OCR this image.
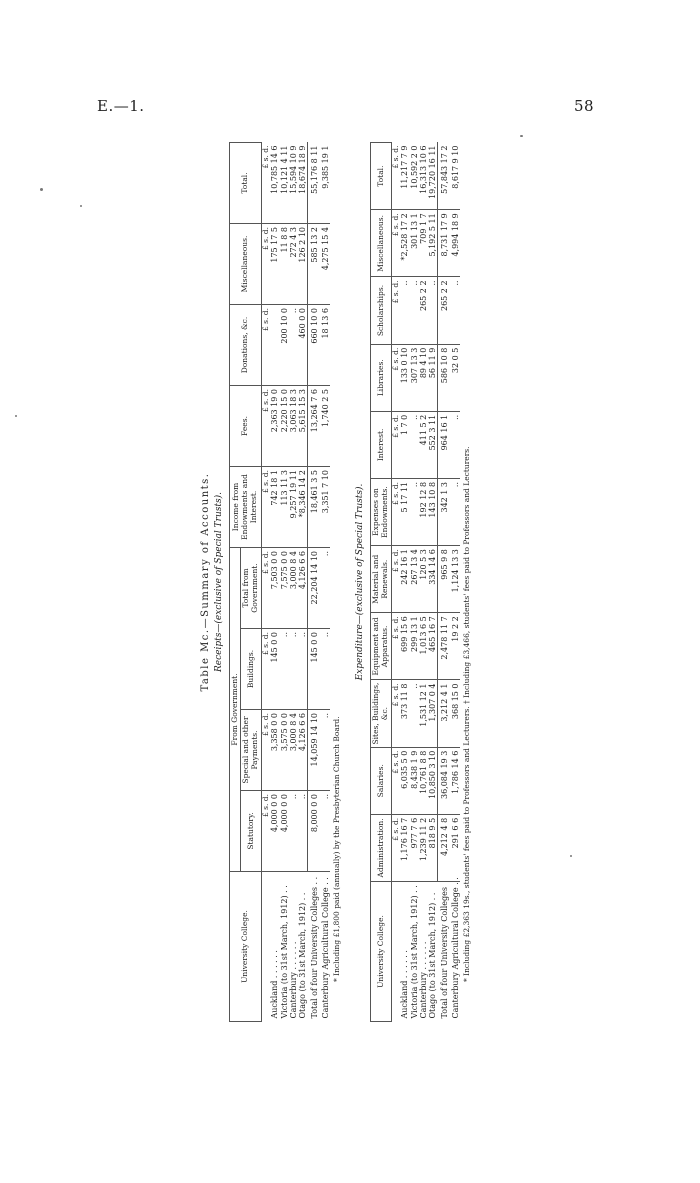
E.—1.	58
Table Mc.—Summary of Accounts. Receipts—(exclusive of Special Trusts).
University College.	From Government.				Income from Endowments and Interest.	Fees.	Donations, &c.	Miscellaneous.	Total.
	Statutory.	Special and other Payments.	Buildings.	Total from Government.					
	£ s. d.	£ s. d.	£ s. d.	£ s. d.	£ s. d.	£ s. d.	£ s. d.	£ s. d.	£ s. d.
Auckland . . . . . .	4,000 0 0	3,358 0 0	145 0 0	7,503 0 0	742 18 1	2,363 19 0		175 17 5	10,785 14 6
Victoria (to 31st March, 1912) . .	4,000 0 0	3,575 0 0	..	7,575 0 0	113 11 3	2,220 15 0	200 10 0	11 8 8	10,121 4 11
Canterbury . . . . . .	..	3,000 8 4	..	3,000 8 4	9,257 19 11	3,063 18 3	..	272 4 3	15,594 10 9
Otago (to 31st March, 1912) . .	..	4,126 6 6	..	4,126 6 6	*8,346 14 2	5,615 15 3	460 0 0	126 2 10	18,674 18 9
Total of four University Colleges . .	8,000 0 0	14,059 14 10	145 0 0	22,204 14 10	18,461 3 5	13,264 7 6	660 10 0	585 13 2	55,176 8 11
Canterbury Agricultural College . .	..	..	..	..	3,351 7 10	1,740 2 5	18 13 6	4,275 15 4	9,385 19 1
* Including £1,800 paid (annually) by the Presbyterian Church Board.
Expenditure—(exclusive of Special Trusts).
University College.	Administration.	Salaries.	Sites, Buildings, &c.	Equipment and Apparatus.	Material and Renewals.	Expenses on Endowments.	Interest.	Libraries.	Scholarships.	Miscellaneous.	Total.
	£ s. d.	£ s. d.	£ s. d.	£ s. d.	£ s. d.	£ s. d.	£ s. d.	£ s. d.	£ s. d.	£ s. d.	£ s. d.
Auckland . . . . . .	1,176 16 7	6,035 5 0	373 11 8	699 15 6	242 16 1	5 17 11	1 7 0	133 0 10	..	*2,528 17 2	11,217 7 9
Victoria (to 31st March, 1912) . .	977 7 6	8,438 1 9	..	299 13 1	267 13 4	..	..	307 13 3	..	301 13 1	10,592 2 0
Canterbury . . . . . .	1,239 11 2	10,761 8 8	1,531 12 1	1,013 6 5	120 5 3	192 12 8	411 5 2	89 4 10	265 2 2	709 1 7	16,313 10 6
Otago (to 31st March, 1912) . .	818 9 5	10,850 3 10	1,307 0 4	465 16 7	334 14 6	143 10 8	552 3 11	56 11 9	..	5,192 5 11	19,720 16 11
Total of four University Colleges	4,212 4 8	36,084 19 3	3,212 4 1	2,478 11 7	965 9 8	342 1 3	964 16 1	586 10 8	265 2 2	8,731 17 9	57,843 17 2
Canterbury Agricultural College . .	291 6 6	1,786 14 6	368 15 0	19 2 2	1,124 13 3	..	..	32 0 5	..	4,994 18 9	8,617 9 10
* Including £2,363 19s., students' fees paid to Professors and Lecturers. † Including £3,466, students' fees paid to Professors and Lecturers.
